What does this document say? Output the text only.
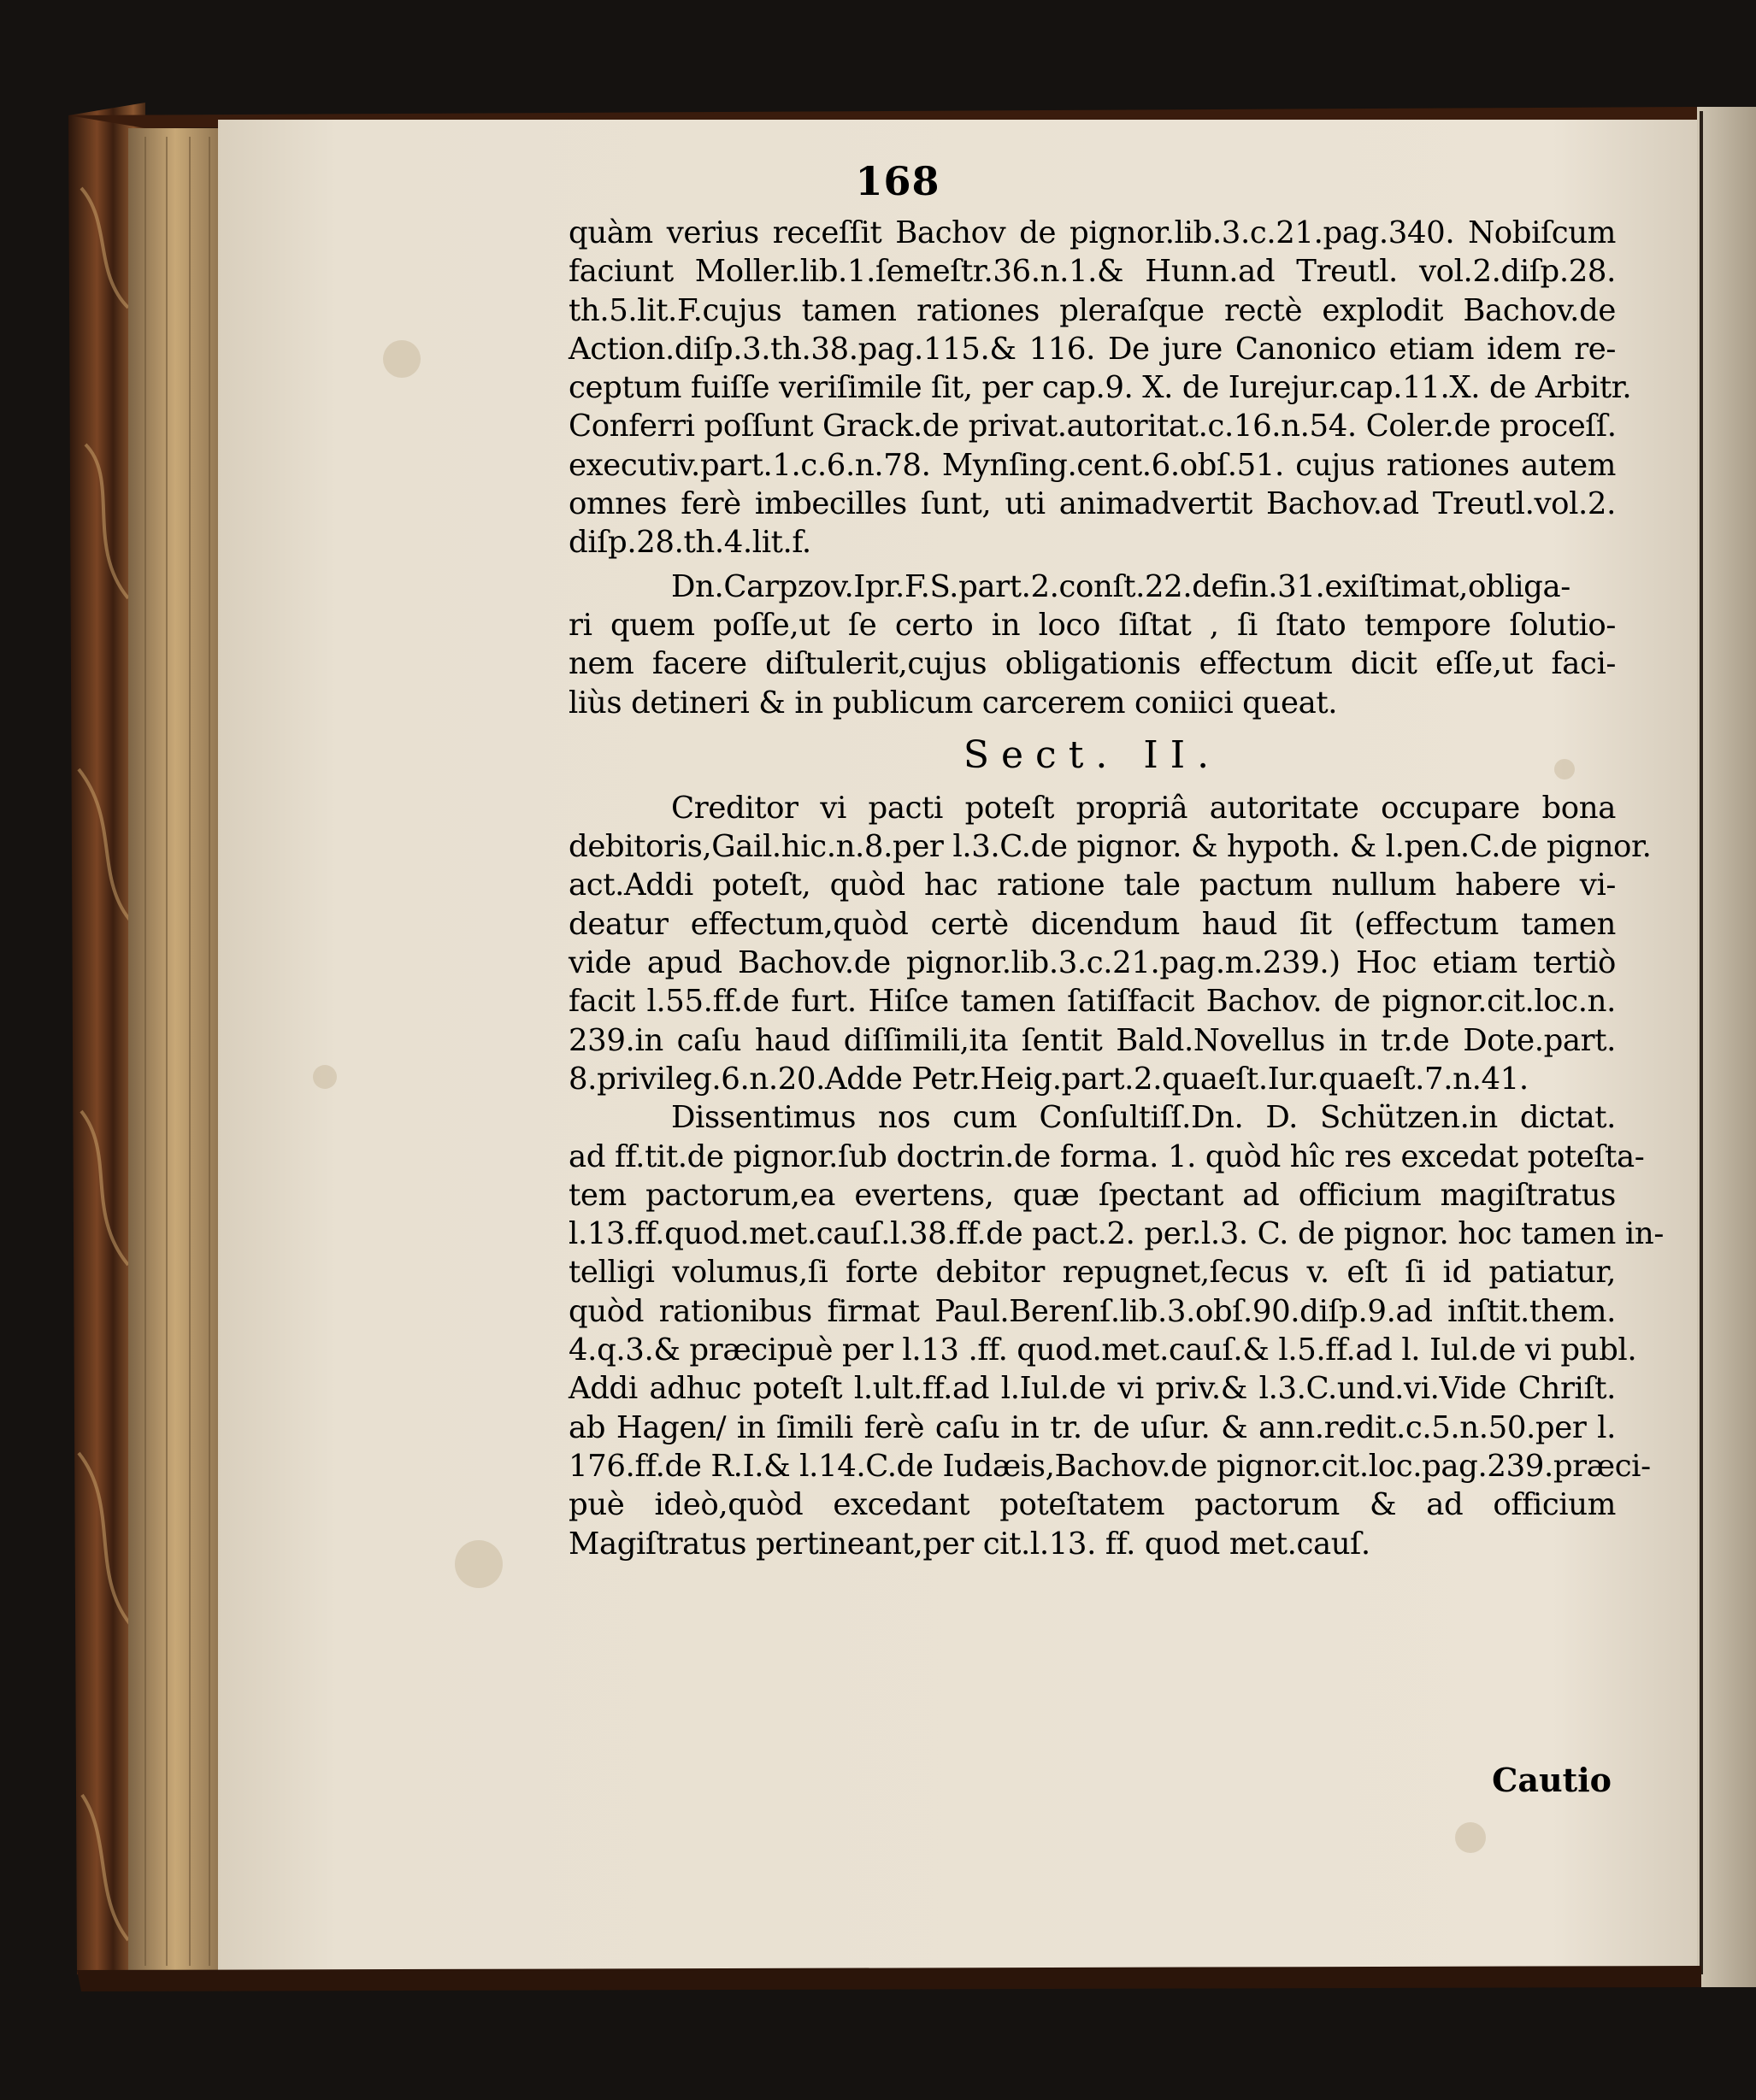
168
quàm verius receſſit Bachov de pignor.lib.3.c.21.pag.340. Nobiſcum
faciunt Moller.lib.1.ſemeſtr.36.n.1.& Hunn.ad Treutl. vol.2.diſp.28.
th.5.lit.F.cujus tamen rationes pleraſque rectè explodit Bachov.de
Action.diſp.3.th.38.pag.115.& 116. De jure Canonico etiam idem re-
ceptum fuiſſe veriſimile ſit, per cap.9. X. de Iurejur.cap.11.X. de Arbitr.
Conferri poſſunt Grack.de privat.autoritat.c.16.n.54. Coler.de proceſſ.
executiv.part.1.c.6.n.78. Mynſing.cent.6.obſ.51. cujus rationes autem
omnes ferè imbecilles ſunt, uti animadvertit Bachov.ad Treutl.vol.2.
diſp.28.th.4.lit.f.
Dn.Carpzov.Ipr.F.S.part.2.conſt.22.defin.31.exiſtimat,obliga-
ri quem poſſe,ut ſe certo in loco ſiſtat , ſi ſtato tempore ſolutio-
nem facere diſtulerit,cujus obligationis effectum dicit eſſe,ut faci-
liùs detineri & in publicum carcerem coniici queat.
Sect. II.
Creditor vi pacti poteſt propriâ autoritate occupare bona
debitoris,Gail.hic.n.8.per l.3.C.de pignor. & hypoth. & l.pen.C.de pignor.
act.Addi poteſt, quòd hac ratione tale pactum nullum habere vi-
deatur effectum,quòd certè dicendum haud ſit (effectum tamen
vide apud Bachov.de pignor.lib.3.c.21.pag.m.239.) Hoc etiam tertiò
facit l.55.ff.de furt. Hiſce tamen ſatiſfacit Bachov. de pignor.cit.loc.n.
239.in caſu haud diſſimili,ita ſentit Bald.Novellus in tr.de Dote.part.
8.privileg.6.n.20.Adde Petr.Heig.part.2.quaeſt.Iur.quaeſt.7.n.41.
Dissentimus nos cum Conſultiſſ.Dn. D. Schützen.in dictat.
ad ff.tit.de pignor.ſub doctrin.de forma. 1. quòd hîc res excedat poteſta-
tem pactorum,ea evertens, quæ ſpectant ad officium magiſtratus
l.13.ff.quod.met.cauſ.l.38.ff.de pact.2. per.l.3. C. de pignor. hoc tamen in-
telligi volumus,ſi forte debitor repugnet,ſecus v. eſt ſi id patiatur,
quòd rationibus firmat Paul.Berenſ.lib.3.obſ.90.diſp.9.ad inſtit.them.
4.q.3.& præcipuè per l.13 .ff. quod.met.cauſ.& l.5.ff.ad l. Iul.de vi publ.
Addi adhuc poteſt l.ult.ff.ad l.Iul.de vi priv.& l.3.C.und.vi.Vide Chriſt.
ab Hagen/ in ſimili ferè caſu in tr. de uſur. & ann.redit.c.5.n.50.per l.
176.ff.de R.I.& l.14.C.de Iudæis,Bachov.de pignor.cit.loc.pag.239.præci-
puè ideò,quòd excedant poteſtatem pactorum & ad officium
Magiſtratus pertineant,per cit.l.13. ff. quod met.cauſ.
Cautio
